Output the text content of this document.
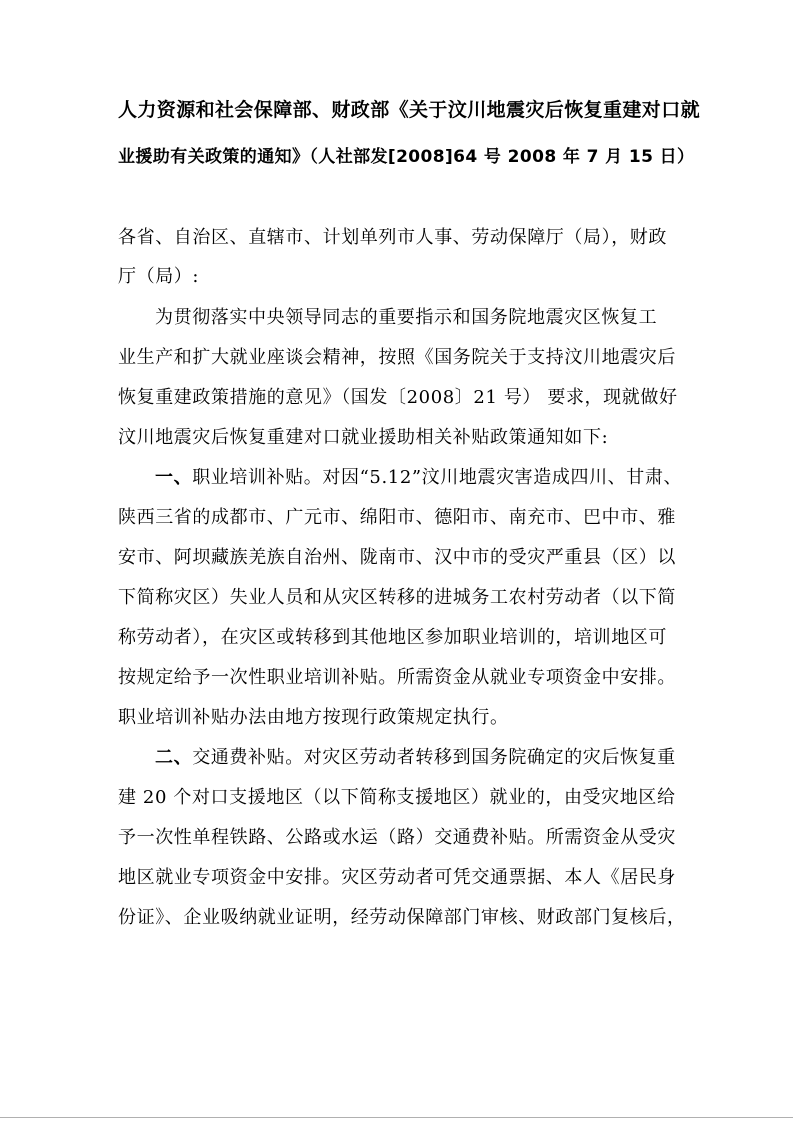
人力资源和社会保障部、财政部《关于汶川地震灾后恢复重建对口就
业援助有关政策的通知》（人社部发[2008]64 号 2008 年 7 月 15 日）
各省、自治区、直辖市、计划单列市人事、劳动保障厅（局），财政
厅（局）:
为贯彻落实中央领导同志的重要指示和国务院地震灾区恢复工
业生产和扩大就业座谈会精神，按照《国务院关于支持汶川地震灾后
恢复重建政策措施的意见》（国发〔2008〕21 号） 要求，现就做好
汶川地震灾后恢复重建对口就业援助相关补贴政策通知如下:
一、职业培训补贴。对因“5.12”汶川地震灾害造成四川、甘肃、
陕西三省的成都市、广元市、绵阳市、德阳市、南充市、巴中市、雅
安市、阿坝藏族羌族自治州、陇南市、汉中市的受灾严重县（区）以
下简称灾区）失业人员和从灾区转移的进城务工农村劳动者（以下简
称劳动者），在灾区或转移到其他地区参加职业培训的，培训地区可
按规定给予一次性职业培训补贴。所需资金从就业专项资金中安排。
职业培训补贴办法由地方按现行政策规定执行。
二、交通费补贴。对灾区劳动者转移到国务院确定的灾后恢复重
建 20 个对口支援地区（以下简称支援地区）就业的，由受灾地区给
予一次性单程铁路、公路或水运（路）交通费补贴。所需资金从受灾
地区就业专项资金中安排。灾区劳动者可凭交通票据、本人《居民身
份证》、企业吸纳就业证明，经劳动保障部门审核、财政部门复核后，
